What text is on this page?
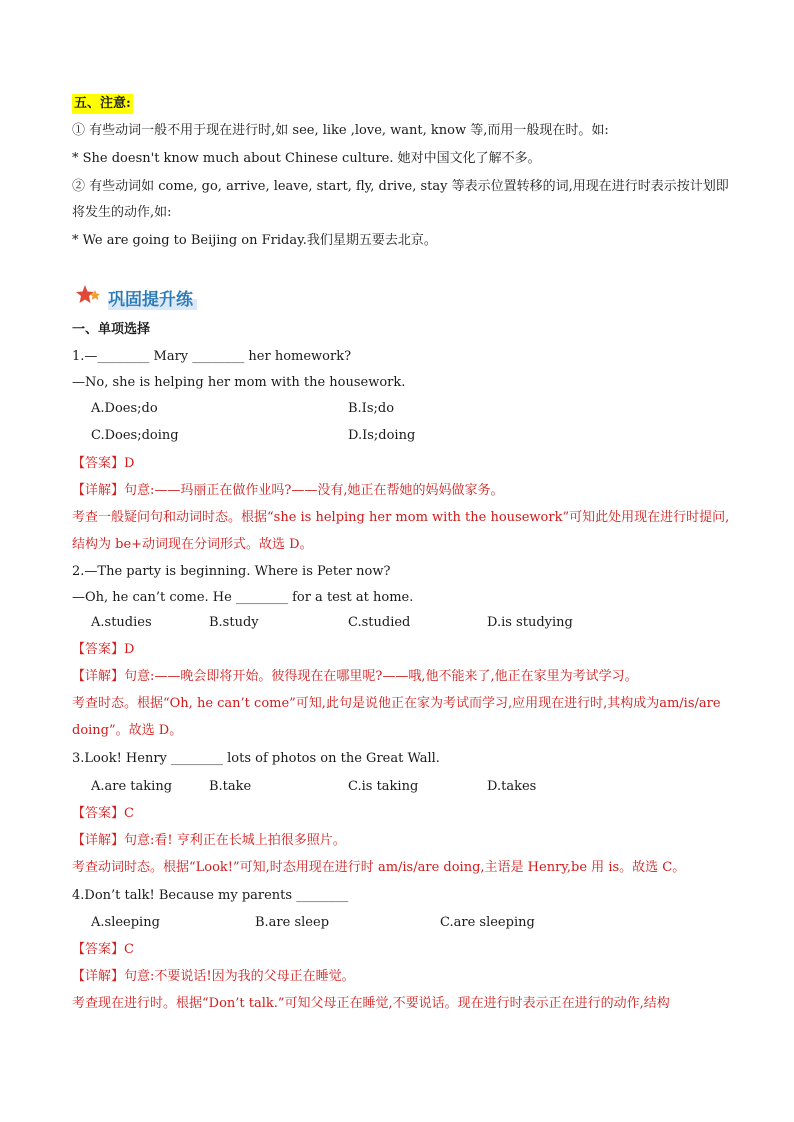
五、注意:
① 有些动词一般不用于现在进行时,如 see, like ,love, want, know 等,而用一般现在时。如:
* She doesn't know much about Chinese culture. 她对中国文化了解不多。
② 有些动词如 come, go, arrive, leave, start, fly, drive, stay 等表示位置转移的词,用现在进行时表示按计划即
将发生的动作,如:
* We are going to Beijing on Friday.我们星期五要去北京。
巩固提升练
一、单项选择
1.—________ Mary ________ her homework?
—No, she is helping her mom with the housework.
A.Does;do	B.Is;do
C.Does;doing	D.Is;doing
【答案】D
【详解】句意:——玛丽正在做作业吗?——没有,她正在帮她的妈妈做家务。
考查一般疑问句和动词时态。根据“she is helping her mom with the housework”可知此处用现在进行时提问,
结构为 be+动词现在分词形式。故选 D。
2.—The party is beginning. Where is Peter now?
—Oh, he can’t come. He ________ for a test at home.
A.studies	B.study	C.studied	D.is studying
【答案】D
【详解】句意:——晚会即将开始。彼得现在在哪里呢?——哦,他不能来了,他正在家里为考试学习。
考查时态。根据“Oh, he can’t come”可知,此句是说他正在家为考试而学习,应用现在进行时,其构成为am/is/are
doing”。故选 D。
3.Look! Henry ________ lots of photos on the Great Wall.
A.are taking	B.take	C.is taking	D.takes
【答案】C
【详解】句意:看! 亨利正在长城上拍很多照片。
考查动词时态。根据“Look!”可知,时态用现在进行时 am/is/are doing,主语是 Henry,be 用 is。故选 C。
4.Don’t talk! Because my parents ________
A.sleeping	B.are sleep	C.are sleeping
【答案】C
【详解】句意:不要说话!因为我的父母正在睡觉。
考查现在进行时。根据“Don’t talk.”可知父母正在睡觉,不要说话。现在进行时表示正在进行的动作,结构
